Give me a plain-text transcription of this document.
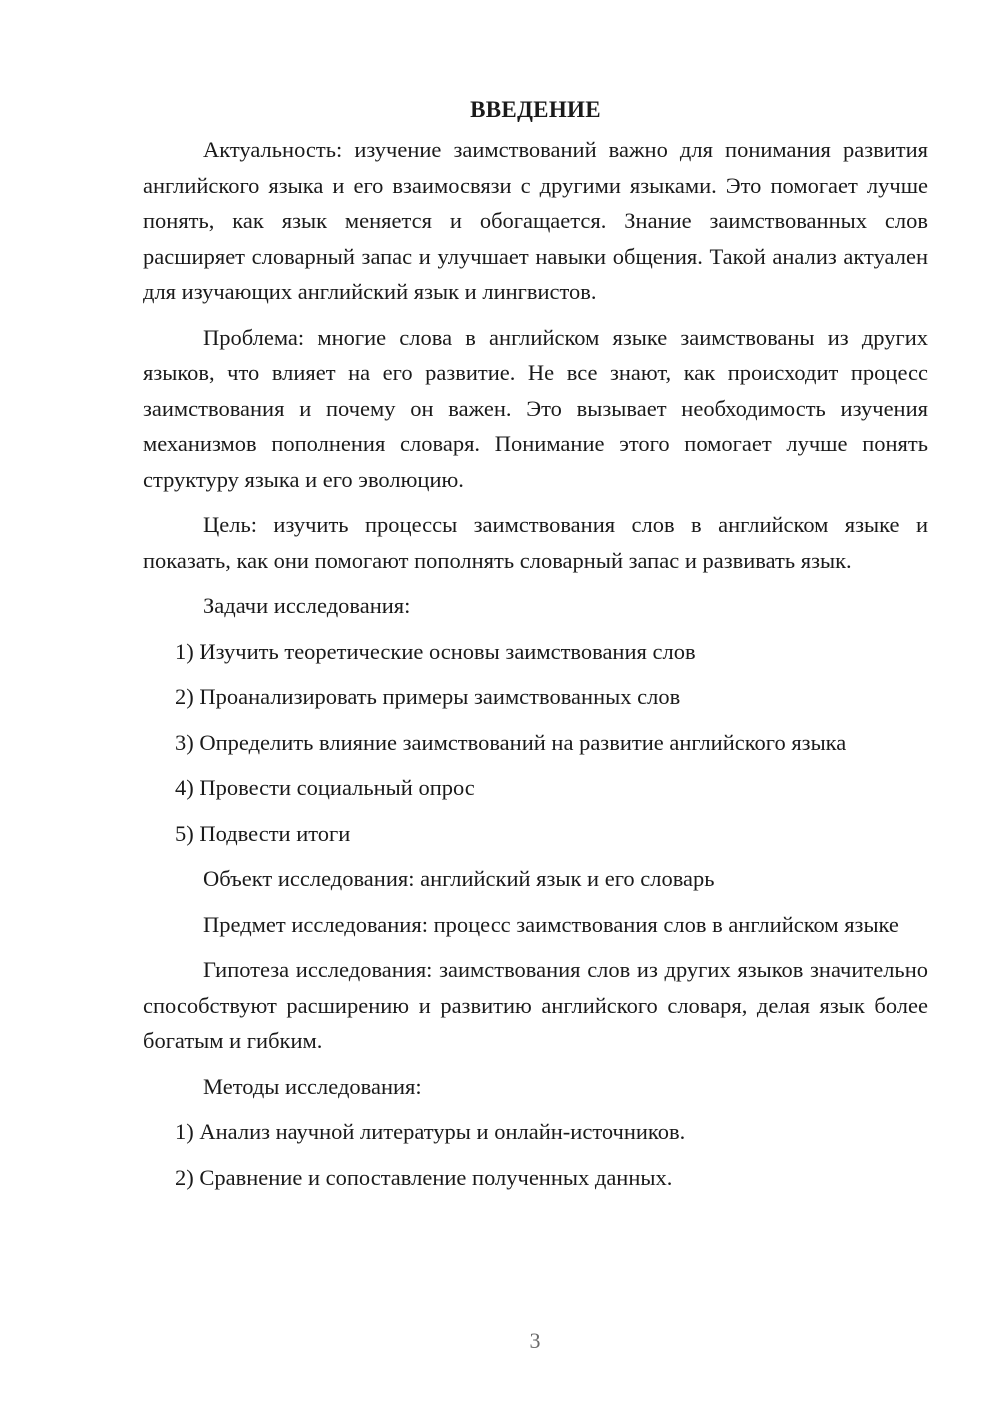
ВВЕДЕНИЕ

Актуальность: изучение заимствований важно для понимания развития английского языка и его взаимосвязи с другими языками. Это помогает лучше понять, как язык меняется и обогащается. Знание заимствованных слов расширяет словарный запас и улучшает навыки общения. Такой анализ актуален для изучающих английский язык и лингвистов.

Проблема: многие слова в английском языке заимствованы из других языков, что влияет на его развитие. Не все знают, как происходит процесс заимствования и почему он важен. Это вызывает необходимость изучения механизмов пополнения словаря. Понимание этого помогает лучше понять структуру языка и его эволюцию.

Цель: изучить процессы заимствования слов в английском языке и показать, как они помогают пополнять словарный запас и развивать язык.

Задачи исследования:
1) Изучить теоретические основы заимствования слов
2) Проанализировать примеры заимствованных слов
3) Определить влияние заимствований на развитие английского языка
4) Провести социальный опрос
5) Подвести итоги
Объект исследования: английский язык и его словарь

Предмет исследования: процесс заимствования слов в английском языке

Гипотеза исследования: заимствования слов из других языков значительно способствуют расширению и развитию английского словаря, делая язык более богатым и гибким.

Методы исследования:
1) Анализ научной литературы и онлайн-источников.
2) Сравнение и сопоставление полученных данных.
3
